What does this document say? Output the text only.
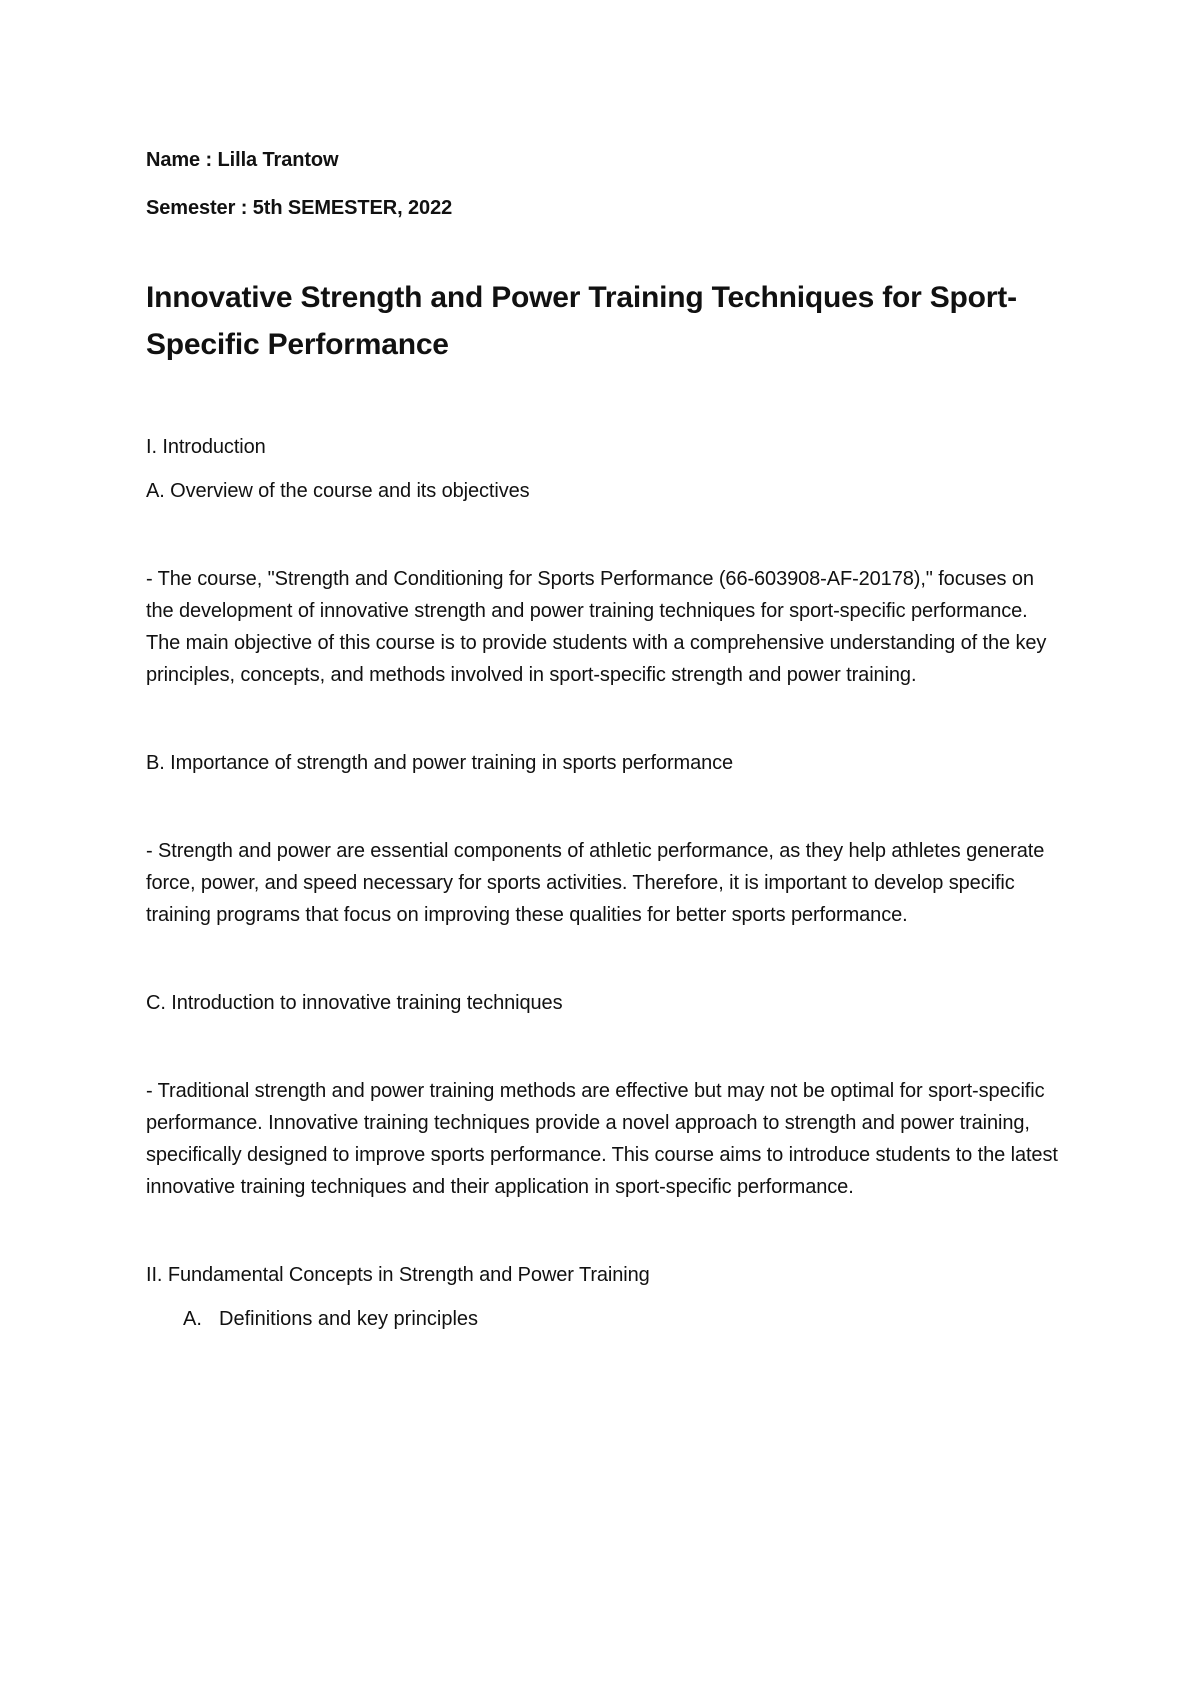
Name : Lilla Trantow

Semester : 5th SEMESTER, 2022

Innovative Strength and Power Training Techniques for Sport-Specific Performance

I. Introduction

A. Overview of the course and its objectives

- The course, "Strength and Conditioning for Sports Performance (66-603908-AF-20178)," focuses on the development of innovative strength and power training techniques for sport-specific performance. The main objective of this course is to provide students with a comprehensive understanding of the key principles, concepts, and methods involved in sport-specific strength and power training.

B. Importance of strength and power training in sports performance

- Strength and power are essential components of athletic performance, as they help athletes generate force, power, and speed necessary for sports activities. Therefore, it is important to develop specific training programs that focus on improving these qualities for better sports performance.

C. Introduction to innovative training techniques

- Traditional strength and power training methods are effective but may not be optimal for sport-specific performance. Innovative training techniques provide a novel approach to strength and power training, specifically designed to improve sports performance. This course aims to introduce students to the latest innovative training techniques and their application in sport-specific performance.

II. Fundamental Concepts in Strength and Power Training

A. Definitions and key principles
